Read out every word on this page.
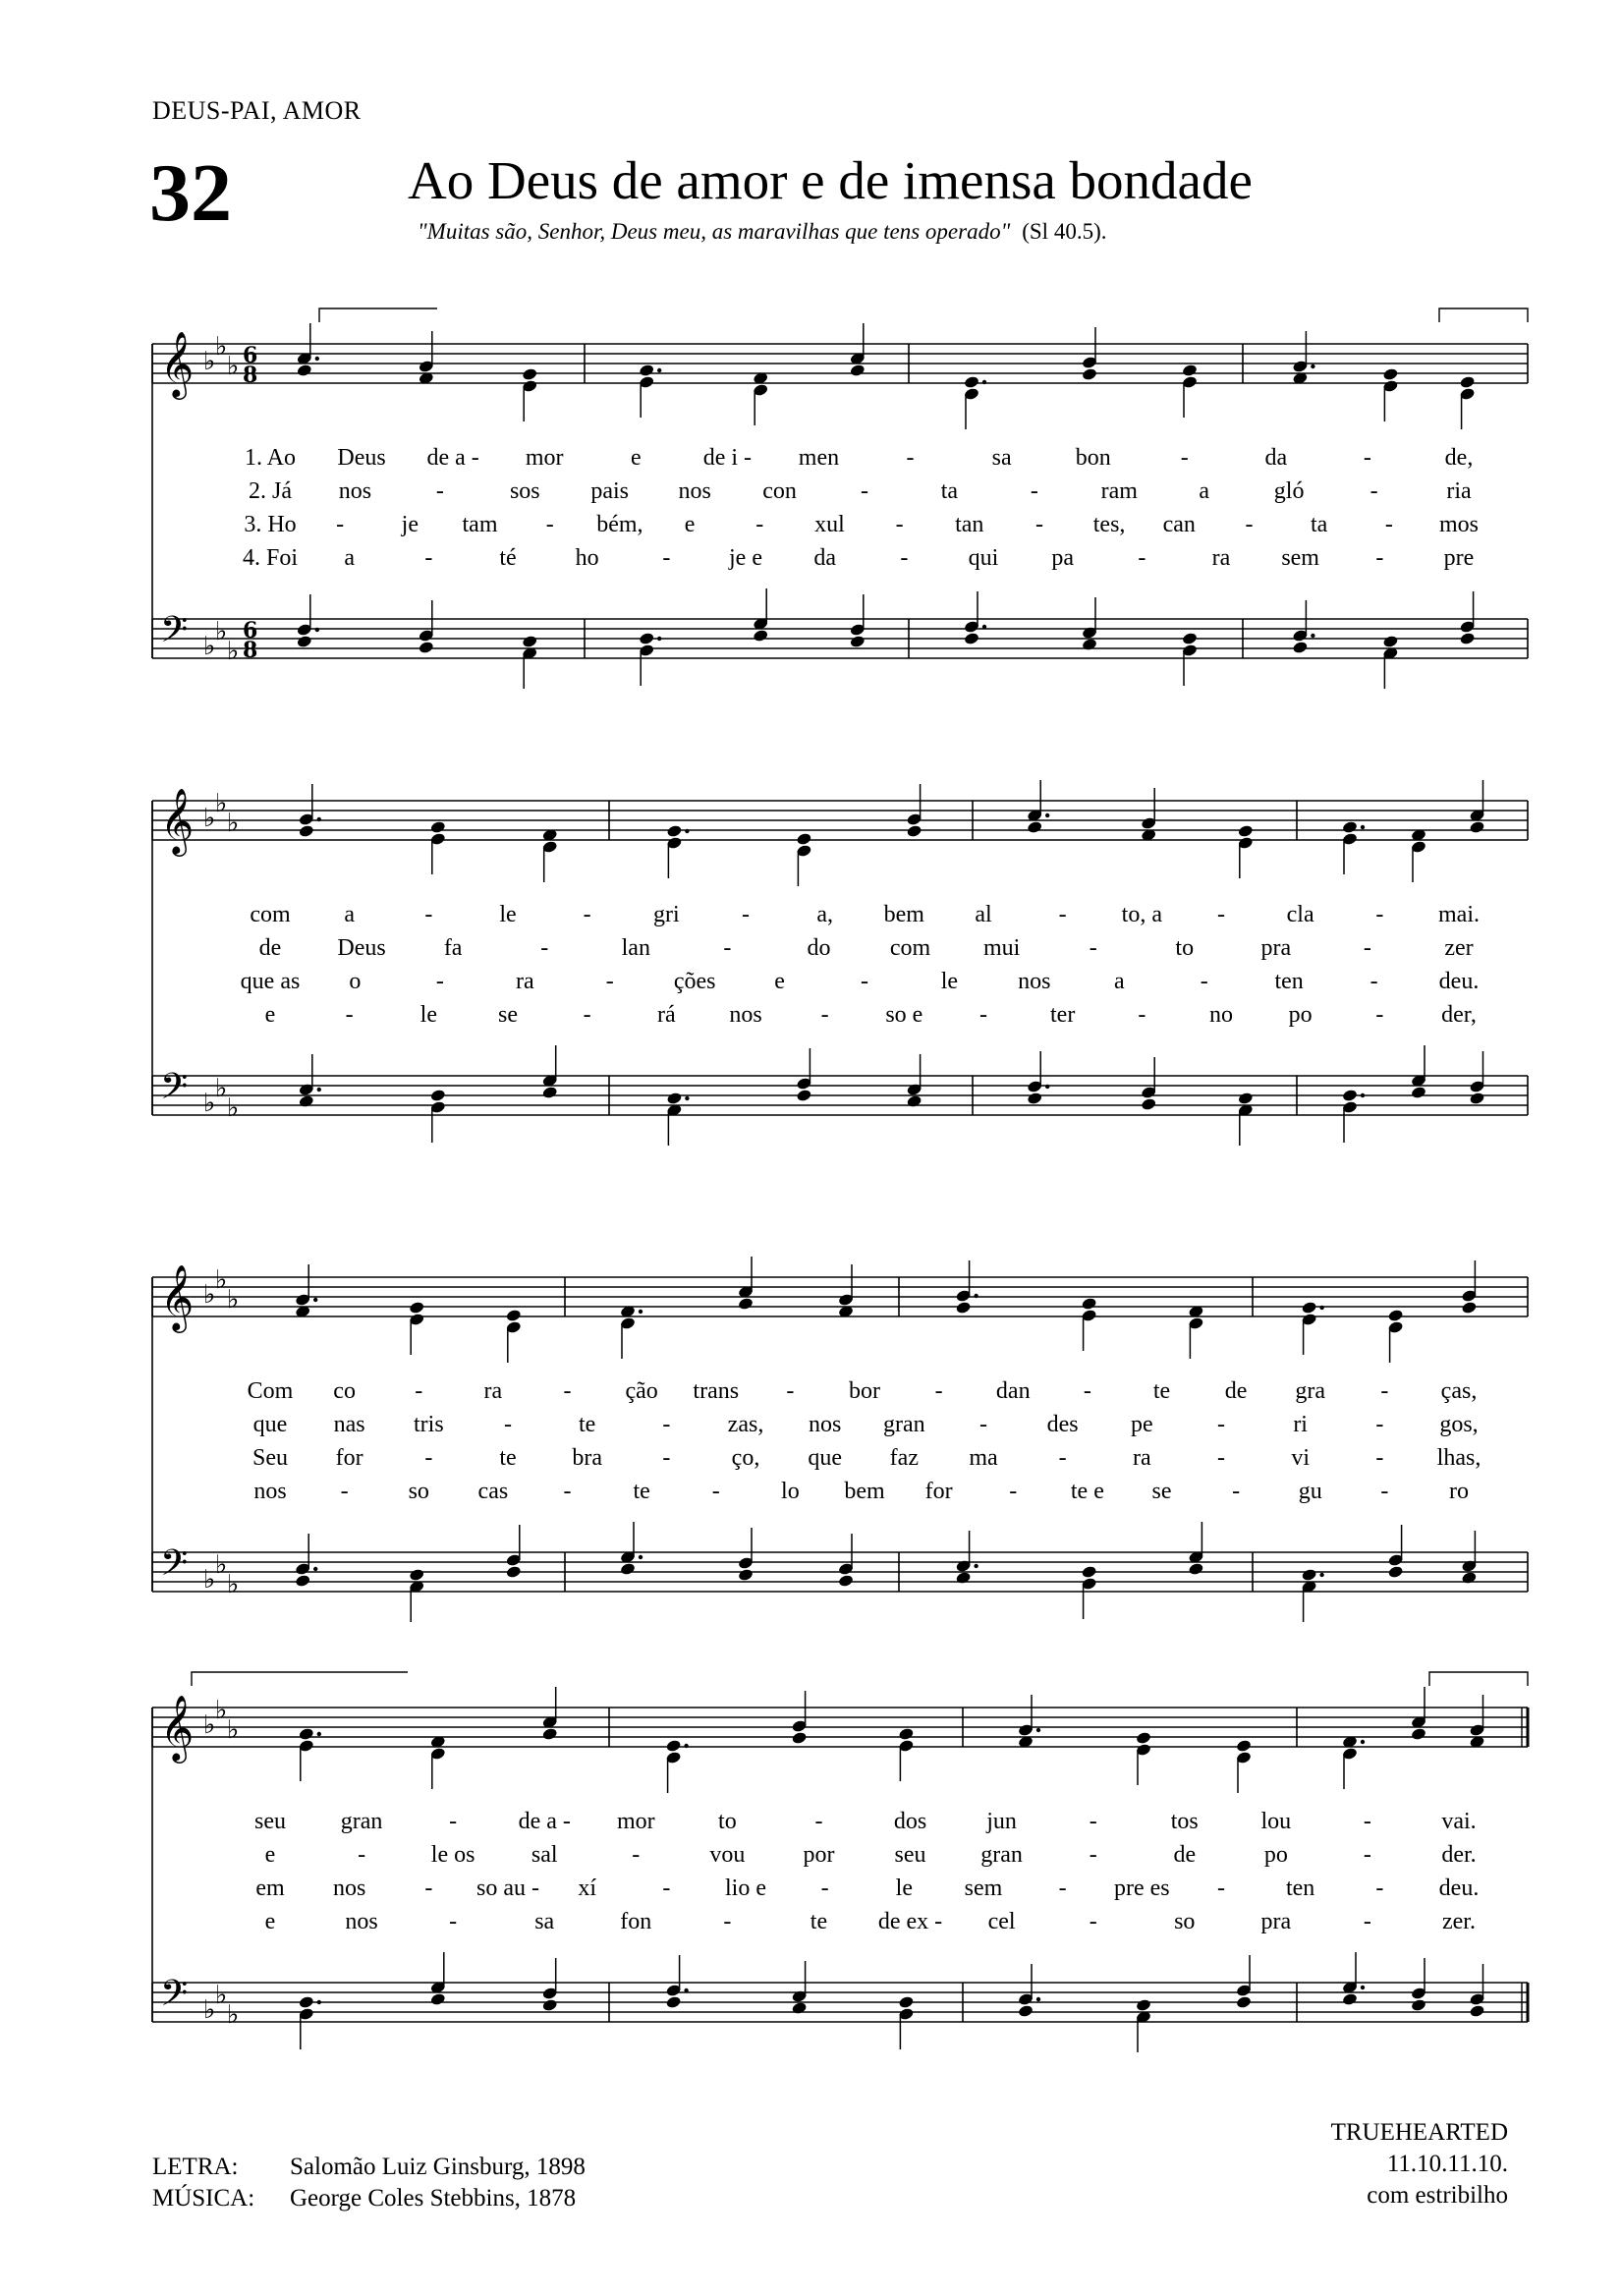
DEUS-PAI, AMOR
32	Ao Deus de amor e de imensa bondade
"Muitas são, Senhor, Deus meu, as maravilhas que tens operado" (Sl 40.5).
𝄞 ♭ ♭
♭ 6
8
𝄢 ♭ ♭
♭
6
8
1. Ao	Deus	de a -	mor	e	de i -	men	-	sa	bon	-	da	-	de,
2. Já	nos	-	sos	pais	nos	con	-	ta	-	ram	a	gló	-	ria
3. Ho	-	je	tam	-	bém,	e	-	xul	-	tan	-	tes,	can	-	ta	-	mos
4. Foi	a	-	té	ho	-	je e	da	-	qui	pa	-	ra	sem	-	pre
𝄞 ♭ ♭
♭
𝄢 ♭ ♭
♭
com	a	-	le	-	gri	-	a,	bem	al	-	to, a	-	cla	-	mai.
de	Deus	fa	-	lan	-	do	com	mui	-	to	pra	-	zer
que as	o	-	ra	-	ções	e	-	le	nos	a	-	ten	-	deu.
e	-	le	se	-	rá	nos	-	so e	-	ter	-	no	po	-	der,
𝄞 ♭ ♭
♭
𝄢 ♭ ♭
♭
Com	co	-	ra	-	ção	trans	-	bor	-	dan	-	te	de	gra	-	ças,
que	nas	tris	-	te	-	zas,	nos	gran	-	des	pe	-	ri	-	gos,
Seu	for	-	te	bra	-	ço,	que	faz	ma	-	ra	-	vi	-	lhas,
nos	-	so	cas	-	te	-	lo	bem	for	-	te e	se	-	gu	-	ro
𝄞 ♭ ♭
♭
𝄢 ♭ ♭
♭
seu	gran	-	de a -	mor	to	-	dos	jun	-	tos	lou	-	vai.
e	-	le os	sal	-	vou	por	seu	gran	-	de	po	-	der.
em	nos	-	so au -	xí	-	lio e	-	le	sem	-	pre es	-	ten	-	deu.
e	nos	-	sa	fon	-	te	de ex -	cel	-	so	pra	-	zer.
LETRA: Salomão Luiz Ginsburg, 1898
MÚSICA: George Coles Stebbins, 1878
TRUEHEARTED
11.10.11.10.
com estribilho
